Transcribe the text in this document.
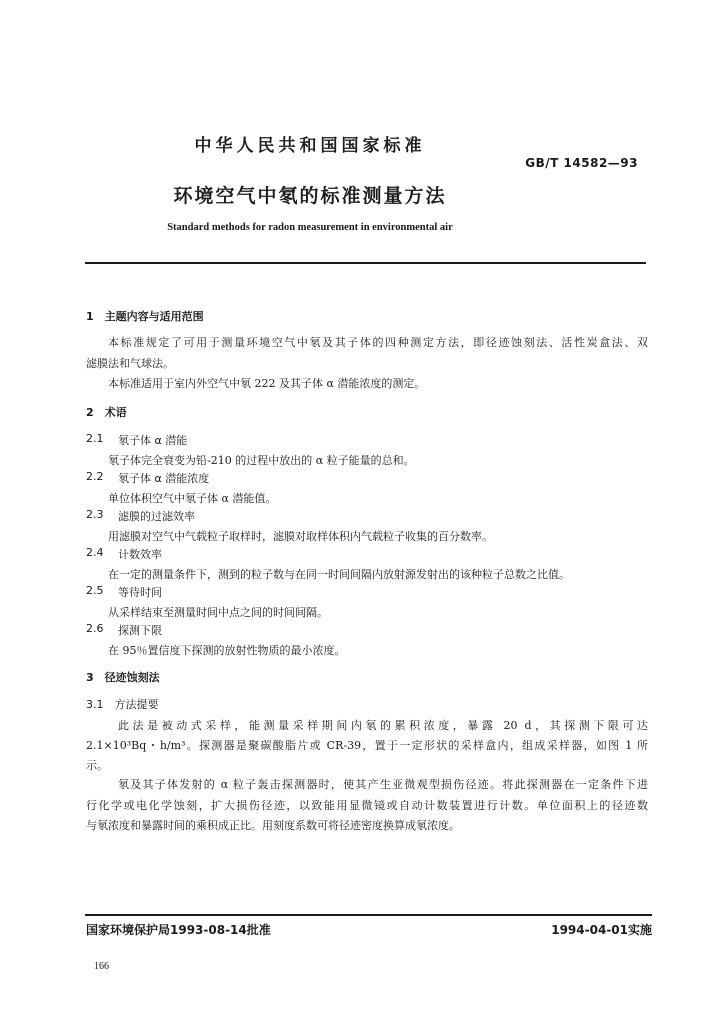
中华人民共和国国家标准
GB/T 14582—93
环境空气中氡的标准测量方法
Standard methods for radon measurement in environmental air
1　主题内容与适用范围
本标准规定了可用于测量环境空气中氡及其子体的四种测定方法，即径迹蚀刻法、活性炭盒法、双
滤膜法和气球法。
本标准适用于室内外空气中氡 222 及其子体 α 潜能浓度的测定。
2　术语
2.1 氡子体 α 潜能
氡子体完全衰变为铅-210 的过程中放出的 α 粒子能量的总和。
2.2 氡子体 α 潜能浓度
单位体积空气中氡子体 α 潜能值。
2.3 滤膜的过滤效率
用滤膜对空气中气载粒子取样时，滤膜对取样体积内气载粒子收集的百分数率。
2.4 计数效率
在一定的测量条件下，测到的粒子数与在同一时间间隔内放射源发射出的该种粒子总数之比值。
2.5 等待时间
从采样结束至测量时间中点之间的时间间隔。
2.6 探测下限
在 95％置信度下探测的放射性物质的最小浓度。
3　径迹蚀刻法
3.1　方法提要
此法是被动式采样，能测量采样期间内氡的累积浓度，暴露 20 d，其探测下限可达
2.1×10³Bq・h/m³。探测器是聚碳酸脂片或 CR-39，置于一定形状的采样盒内，组成采样器，如图 1 所
示。
氡及其子体发射的 α 粒子轰击探测器时，使其产生亚微观型损伤径迹。将此探测器在一定条件下进
行化学或电化学蚀刻，扩大损伤径迹，以致能用显微镜或自动计数装置进行计数。单位面积上的径迹数
与氡浓度和暴露时间的乘积成正比。用刻度系数可将径迹密度换算成氡浓度。
国家环境保护局1993-08-14批准	1994-04-01实施
166
